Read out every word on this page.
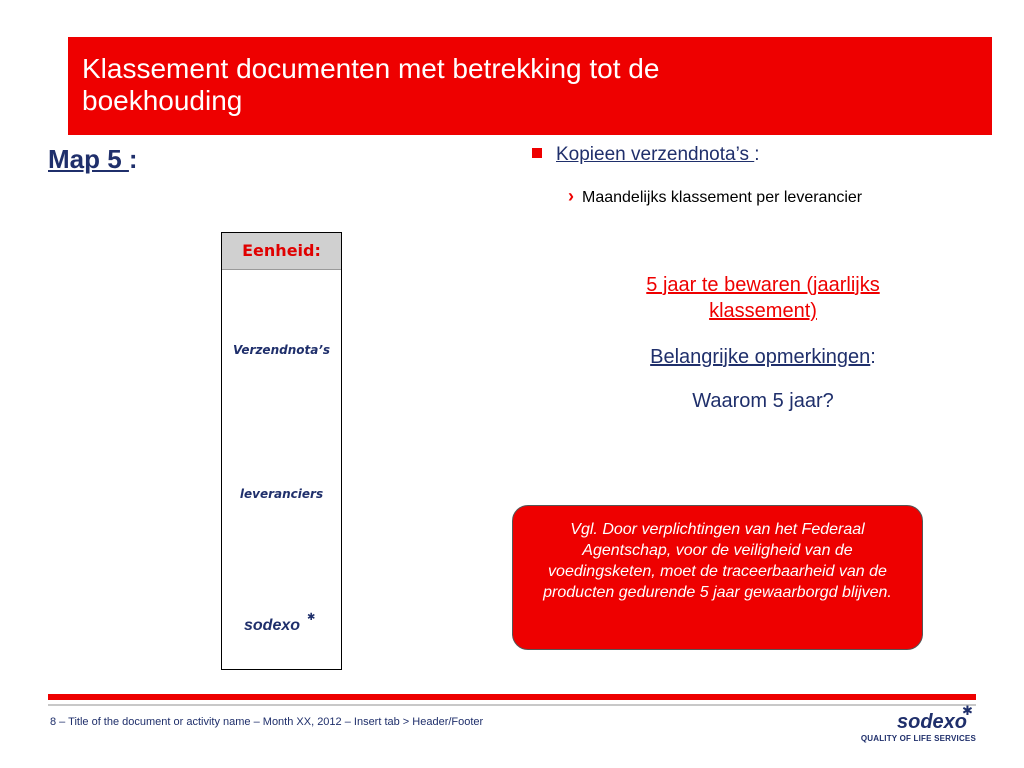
Klassement documenten met betrekking tot de
boekhouding
Map 5 :
Eenheid:
Verzendnota’s
leveranciers
sodexo ✱
Kopieen verzendnota’s :
› Maandelijks klassement per leverancier
5 jaar te bewaren (jaarlijks
klassement)
Belangrijke opmerkingen:
Waarom 5 jaar?
Vgl. Door verplichtingen van het Federaal Agentschap, voor de veiligheid van de voedingsketen, moet de traceerbaarheid van de producten gedurende 5 jaar gewaarborgd blijven.
8 – Title of the document or activity name – Month XX, 2012 – Insert tab > Header/Footer	sodexo
✱
QUALITY OF LIFE SERVICES
